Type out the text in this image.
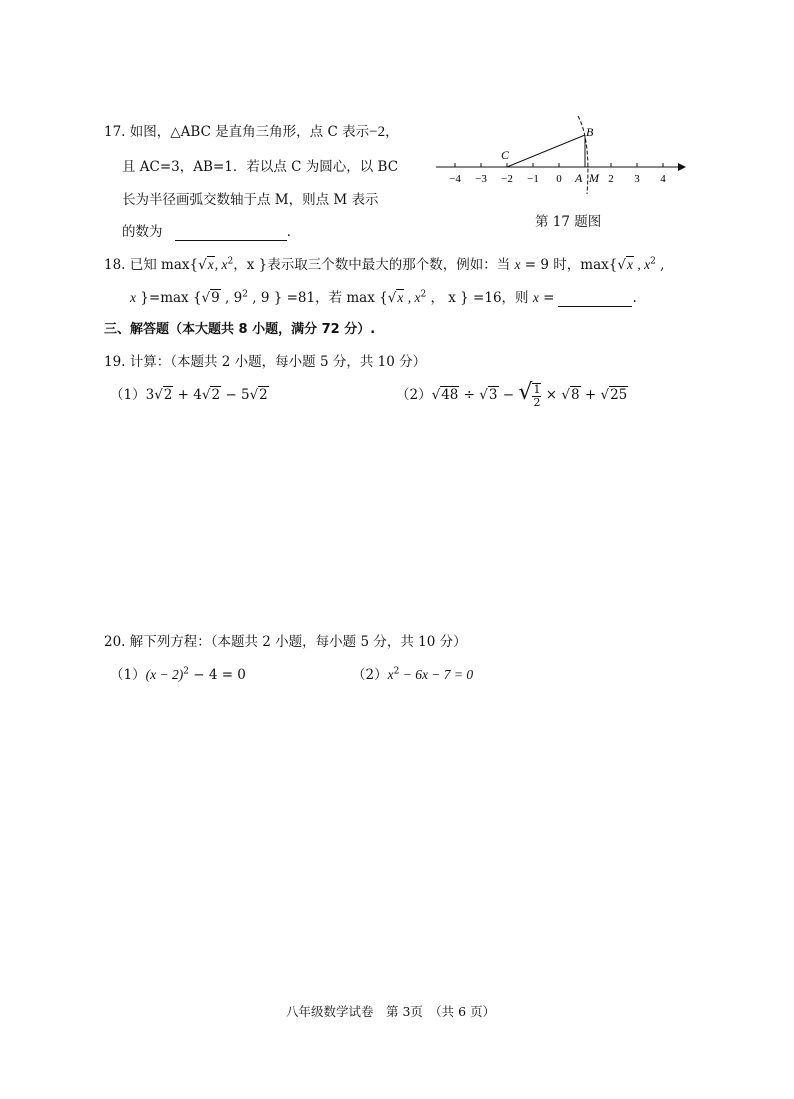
17. 如图，△ABC 是直角三角形，点 C 表示−2，
且 AC=3，AB=1．若以点 C 为圆心，以 BC
长为半径画弧交数轴于点 M，则点 M 表示
的数为	．
−4 −3 −2 −1 0	2 3 4
C
B
A M
第 17 题图
18. 已知 max{√x, $x^2$，x }表示取三个数中最大的那个数，例如：当 x = 9 时，max{√x , $x^2$ ,
x }=max {√9 , $9^2$ , 9 } =81，若 max {√x , $x^2$ ， x } =16，则 x =	.
三、解答题（本大题共 8 小题，满分 72 分）.
19. 计算：（本题共 2 小题，每小题 5 分，共 10 分）
（1）3√2 + 4√2 − 5√2	（2）√48 ÷ √3 − √ $\frac{1}{2} \times √8 + √25$
20. 解下列方程：（本题共 2 小题，每小题 5 分，共 10 分）
$(1)(x - 2)^2 - 4 = 0$	$(2)x^2 - 6x - 7 = 0$
八年级数学试卷　第 3页　（共 6 页）
